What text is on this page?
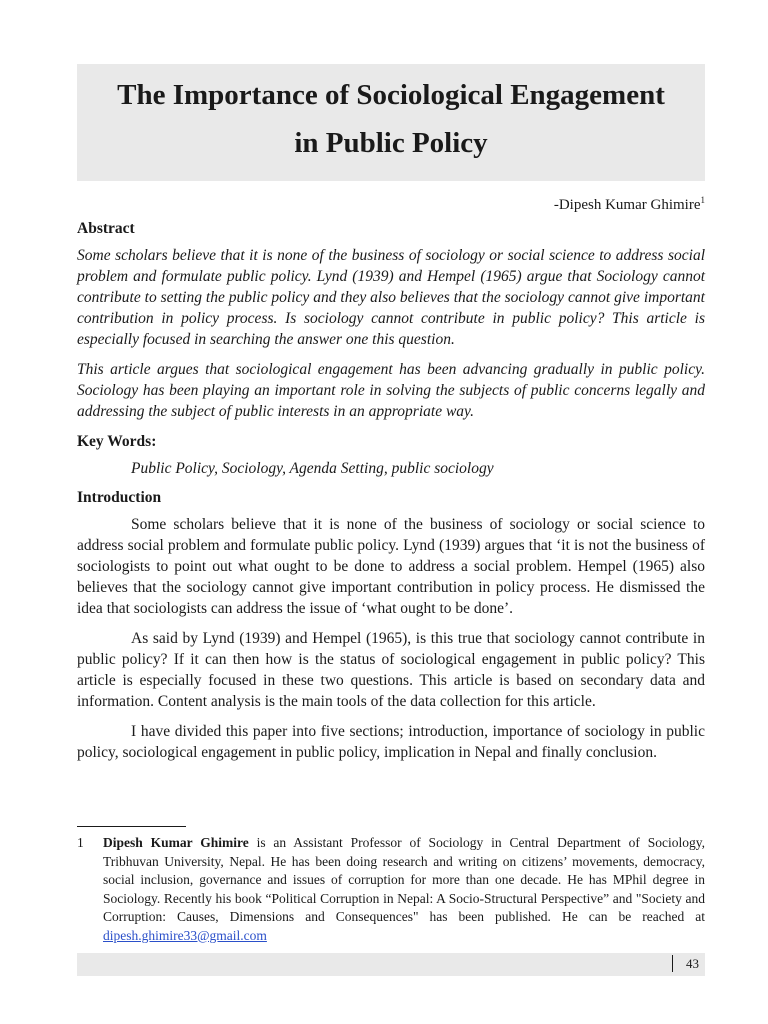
The Importance of Sociological Engagement
in Public Policy
-Dipesh Kumar Ghimire$^1$
Abstract

Some scholars believe that it is none of the business of sociology or social science to address social problem and formulate public policy. Lynd (1939) and Hempel (1965) argue that Sociology cannot contribute to setting the public policy and they also believes that the sociology cannot give important contribution in policy process. Is sociology cannot contribute in public policy? This article is especially focused in searching the answer one this question.

This article argues that sociological engagement has been advancing gradually in public policy. Sociology has been playing an important role in solving the subjects of public concerns legally and addressing the subject of public interests in an appropriate way.

Key Words:

Public Policy, Sociology, Agenda Setting, public sociology

Introduction

Some scholars believe that it is none of the business of sociology or social science to address social problem and formulate public policy. Lynd (1939) argues that ‘it is not the business of sociologists to point out what ought to be done to address a social problem. Hempel (1965) also believes that the sociology cannot give important contribution in policy process. He dismissed the idea that sociologists can address the issue of ‘what ought to be done’.

As said by Lynd (1939) and Hempel (1965), is this true that sociology cannot contribute in public policy? If it can then how is the status of sociological engagement in public policy? This article is especially focused in these two questions. This article is based on secondary data and information. Content analysis is the main tools of the data collection for this article.

I have divided this paper into five sections; introduction, importance of sociology in public policy, sociological engagement in public policy, implication in Nepal and finally conclusion.

1 Dipesh Kumar Ghimire is an Assistant Professor of Sociology in Central Department of Sociology, Tribhuvan University, Nepal. He has been doing research and writing on citizens’ movements, democracy, social inclusion, governance and issues of corruption for more than one decade. He has MPhil degree in Sociology. Recently his book “Political Corruption in Nepal: A Socio-Structural Perspective” and "Society and Corruption: Causes, Dimensions and Consequences" has been published. He can be reached at dipesh.ghimire33@gmail.com
43
